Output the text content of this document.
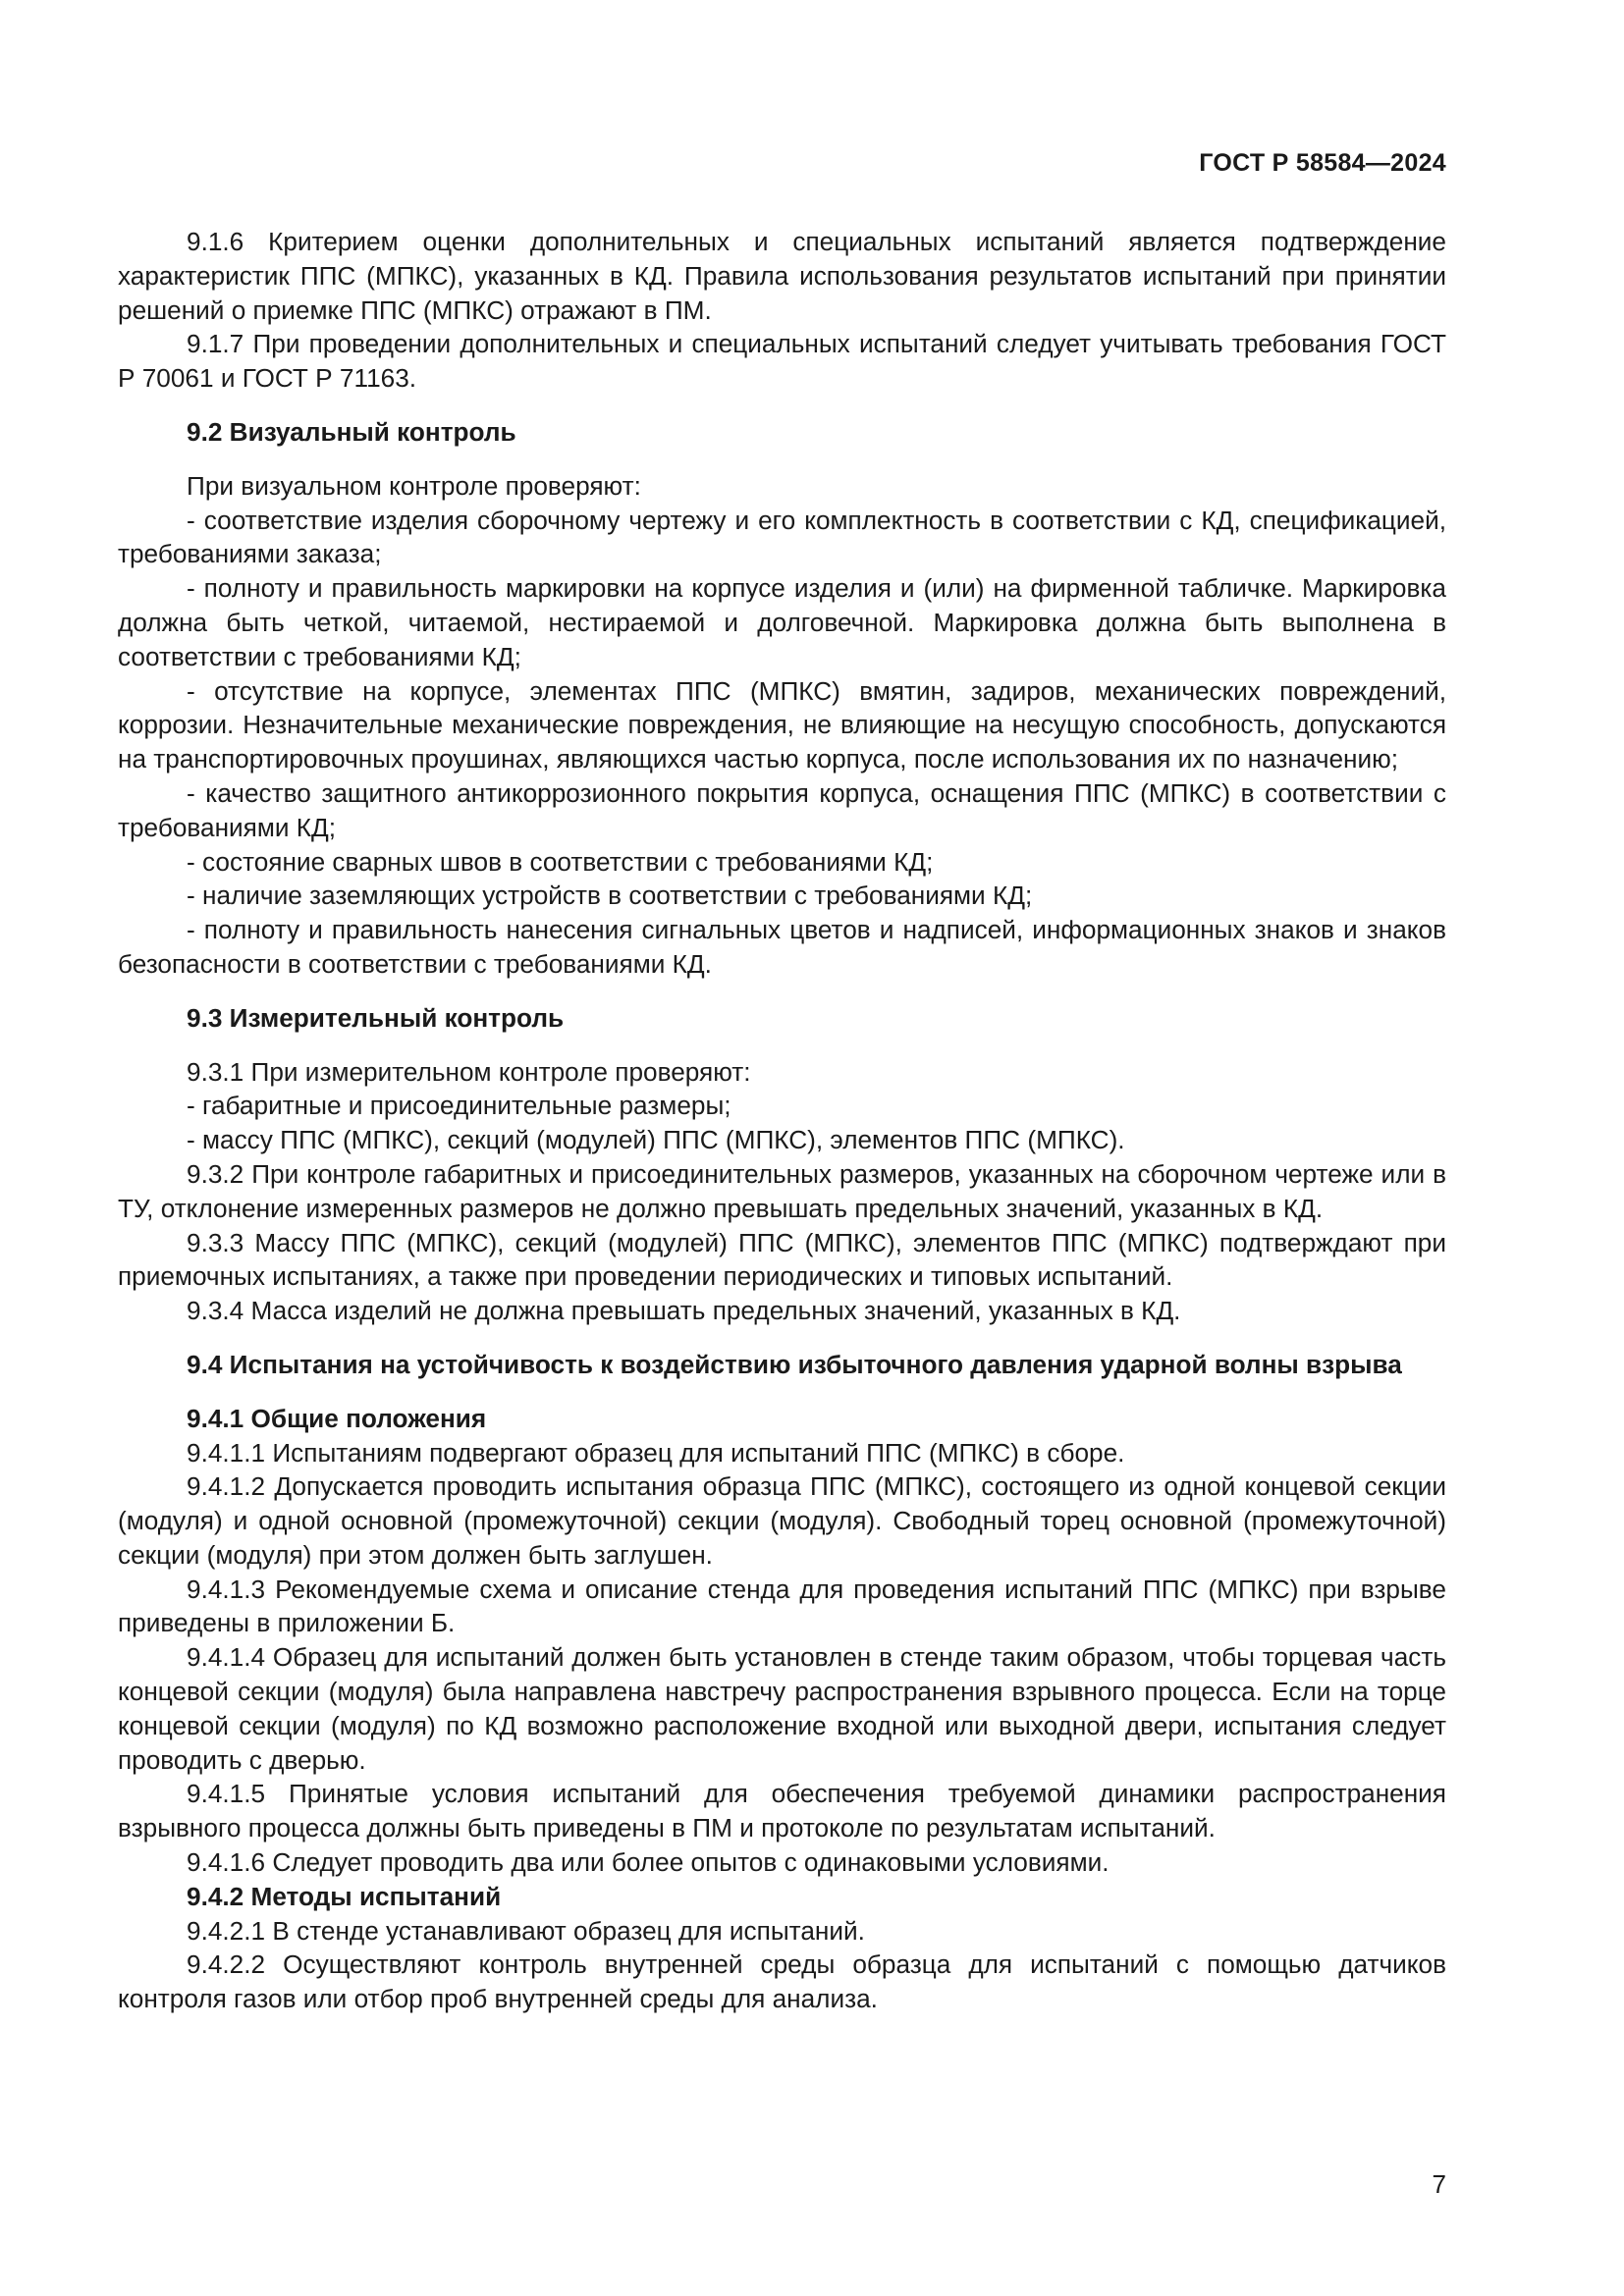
ГОСТ Р 58584—2024

9.1.6 Критерием оценки дополнительных и специальных испытаний является подтверждение характеристик ППС (МПКС), указанных в КД. Правила использования результатов испытаний при принятии решений о приемке ППС (МПКС) отражают в ПМ.

9.1.7 При проведении дополнительных и специальных испытаний следует учитывать требования ГОСТ Р 70061 и ГОСТ Р 71163.

9.2 Визуальный контроль

При визуальном контроле проверяют:

- соответствие изделия сборочному чертежу и его комплектность в соответствии с КД, спецификацией, требованиями заказа;

- полноту и правильность маркировки на корпусе изделия и (или) на фирменной табличке. Маркировка должна быть четкой, читаемой, нестираемой и долговечной. Маркировка должна быть выполнена в соответствии с требованиями КД;

- отсутствие на корпусе, элементах ППС (МПКС) вмятин, задиров, механических повреждений, коррозии. Незначительные механические повреждения, не влияющие на несущую способность, допускаются на транспортировочных проушинах, являющихся частью корпуса, после использования их по назначению;

- качество защитного антикоррозионного покрытия корпуса, оснащения ППС (МПКС) в соответствии с требованиями КД;

- состояние сварных швов в соответствии с требованиями КД;

- наличие заземляющих устройств в соответствии с требованиями КД;

- полноту и правильность нанесения сигнальных цветов и надписей, информационных знаков и знаков безопасности в соответствии с требованиями КД.

9.3 Измерительный контроль

9.3.1 При измерительном контроле проверяют:

- габаритные и присоединительные размеры;

- массу ППС (МПКС), секций (модулей) ППС (МПКС), элементов ППС (МПКС).

9.3.2 При контроле габаритных и присоединительных размеров, указанных на сборочном чертеже или в ТУ, отклонение измеренных размеров не должно превышать предельных значений, указанных в КД.

9.3.3 Массу ППС (МПКС), секций (модулей) ППС (МПКС), элементов ППС (МПКС) подтверждают при приемочных испытаниях, а также при проведении периодических и типовых испытаний.

9.3.4 Масса изделий не должна превышать предельных значений, указанных в КД.

9.4 Испытания на устойчивость к воздействию избыточного давления ударной волны взрыва
9.4.1 Общие положения

9.4.1.1 Испытаниям подвергают образец для испытаний ППС (МПКС) в сборе.

9.4.1.2 Допускается проводить испытания образца ППС (МПКС), состоящего из одной концевой секции (модуля) и одной основной (промежуточной) секции (модуля). Свободный торец основной (промежуточной) секции (модуля) при этом должен быть заглушен.

9.4.1.3 Рекомендуемые схема и описание стенда для проведения испытаний ППС (МПКС) при взрыве приведены в приложении Б.

9.4.1.4 Образец для испытаний должен быть установлен в стенде таким образом, чтобы торцевая часть концевой секции (модуля) была направлена навстречу распространения взрывного процесса. Если на торце концевой секции (модуля) по КД возможно расположение входной или выходной двери, испытания следует проводить с дверью.

9.4.1.5 Принятые условия испытаний для обеспечения требуемой динамики распространения взрывного процесса должны быть приведены в ПМ и протоколе по результатам испытаний.

9.4.1.6 Следует проводить два или более опытов с одинаковыми условиями.

9.4.2 Методы испытаний

9.4.2.1 В стенде устанавливают образец для испытаний.

9.4.2.2 Осуществляют контроль внутренней среды образца для испытаний с помощью датчиков контроля газов или отбор проб внутренней среды для анализа.

7
